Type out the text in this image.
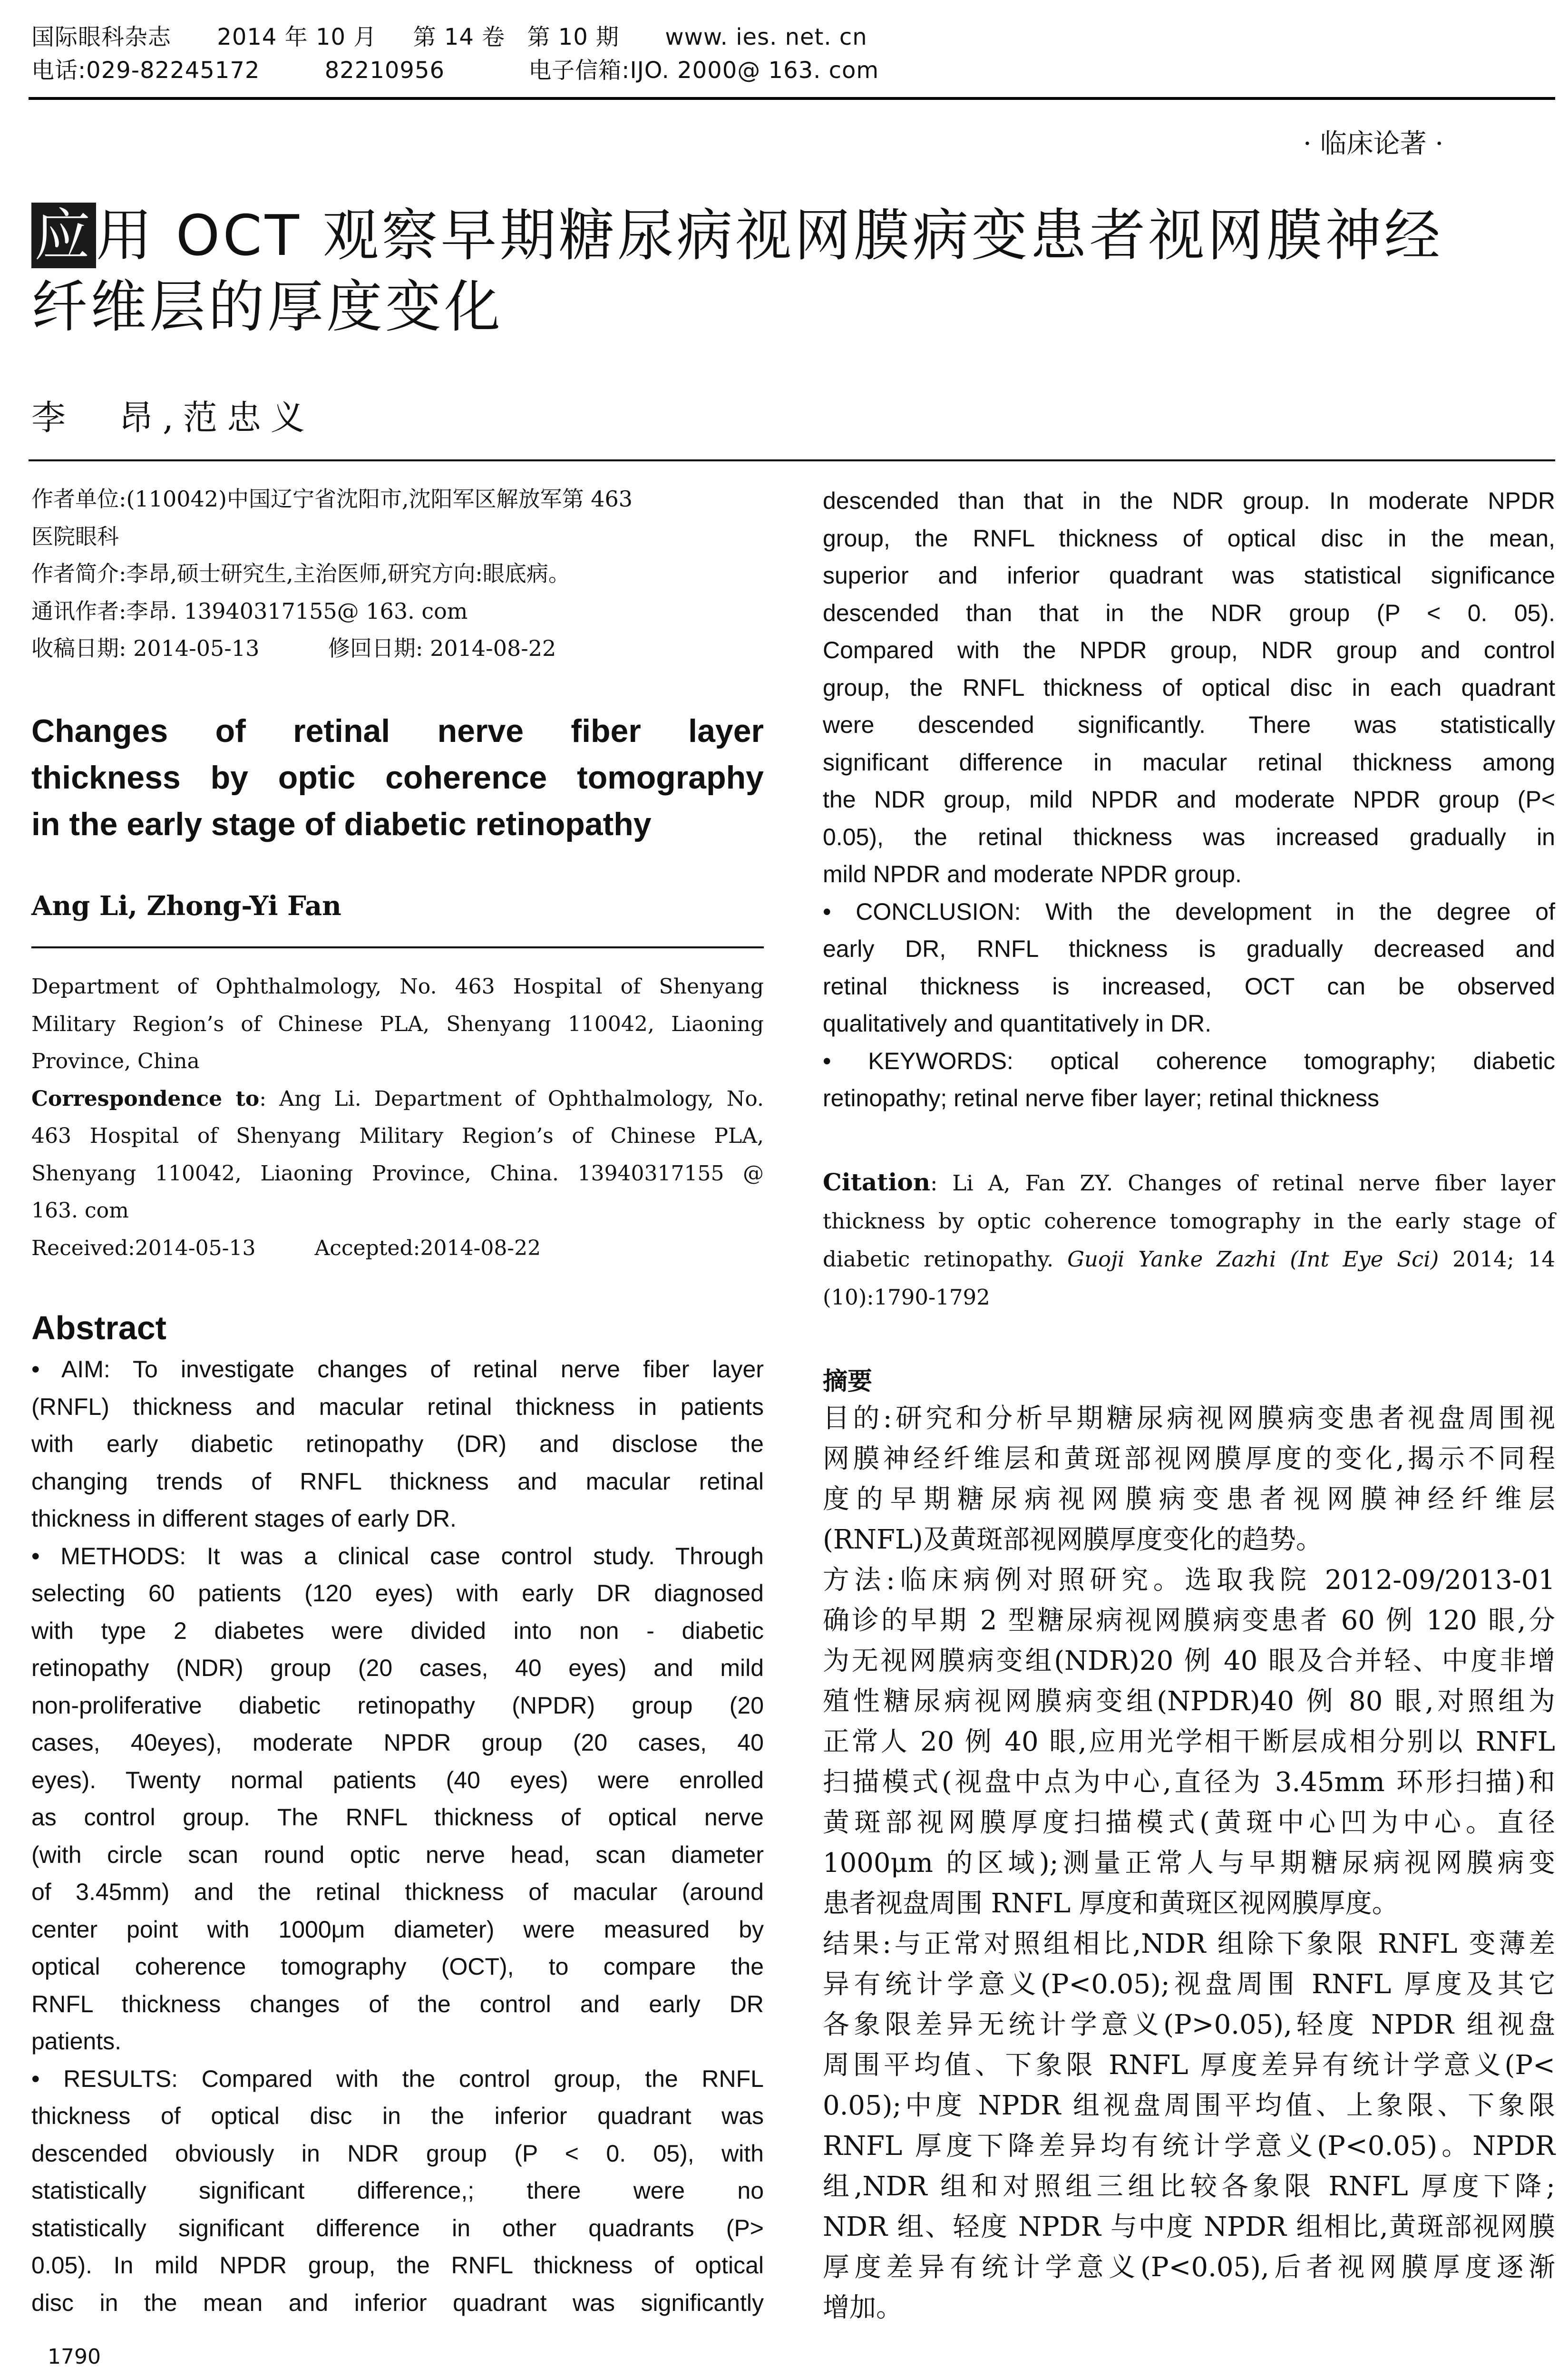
国际眼科杂志 2014 年 10 月 第 14 卷 第 10 期 www. ies. net. cn
电话:029-82245172	82210956	电子信箱:IJO. 2000@ 163. com
· 临床论著 ·
应用 OCT 观察早期糖尿病视网膜病变患者视网膜神经
纤维层的厚度变化
李　昂,范忠义
作者单位:(110042)中国辽宁省沈阳市,沈阳军区解放军第 463
医院眼科
作者简介:李昂,硕士研究生,主治医师,研究方向:眼底病。
通讯作者:李昂. 13940317155@ 163. com
收稿日期: 2014-05-13	修回日期: 2014-08-22
Changes of retinal nerve fiber layer
thickness by optic coherence tomography
in the early stage of diabetic retinopathy
Ang Li, Zhong-Yi Fan
Department of Ophthalmology, No. 463 Hospital of Shenyang
Military Region’s of Chinese PLA, Shenyang 110042, Liaoning
Province, China
Correspondence to: Ang Li. Department of Ophthalmology, No.
463 Hospital of Shenyang Military Region’s of Chinese PLA,
Shenyang 110042, Liaoning Province, China. 13940317155 @
163. com
Received:2014-05-13	Accepted:2014-08-22
Abstract
• AIM: To investigate changes of retinal nerve fiber layer
(RNFL) thickness and macular retinal thickness in patients
with early diabetic retinopathy (DR) and disclose the
changing trends of RNFL thickness and macular retinal
thickness in different stages of early DR.
• METHODS: It was a clinical case control study. Through
selecting 60 patients (120 eyes) with early DR diagnosed
with type 2 diabetes were divided into non - diabetic
retinopathy (NDR) group (20 cases, 40 eyes) and mild
non-proliferative diabetic retinopathy (NPDR) group (20
cases, 40eyes), moderate NPDR group (20 cases, 40
eyes). Twenty normal patients (40 eyes) were enrolled
as control group. The RNFL thickness of optical nerve
(with circle scan round optic nerve head, scan diameter
of 3.45mm) and the retinal thickness of macular (around
center point with 1000μm diameter) were measured by
optical coherence tomography (OCT), to compare the
RNFL thickness changes of the control and early DR
patients.
• RESULTS: Compared with the control group, the RNFL
thickness of optical disc in the inferior quadrant was
descended obviously in NDR group (P < 0. 05), with
statistically significant difference,; there were no
statistically significant difference in other quadrants (P>
0.05). In mild NPDR group, the RNFL thickness of optical
disc in the mean and inferior quadrant was significantly
1790
descended than that in the NDR group. In moderate NPDR
group, the RNFL thickness of optical disc in the mean,
superior and inferior quadrant was statistical significance
descended than that in the NDR group (P < 0. 05).
Compared with the NPDR group, NDR group and control
group, the RNFL thickness of optical disc in each quadrant
were descended significantly. There was statistically
significant difference in macular retinal thickness among
the NDR group, mild NPDR and moderate NPDR group (P<
0.05), the retinal thickness was increased gradually in
mild NPDR and moderate NPDR group.
• CONCLUSION: With the development in the degree of
early DR, RNFL thickness is gradually decreased and
retinal thickness is increased, OCT can be observed
qualitatively and quantitatively in DR.
• KEYWORDS: optical coherence tomography; diabetic
retinopathy; retinal nerve fiber layer; retinal thickness
Citation: Li A, Fan ZY. Changes of retinal nerve fiber layer
thickness by optic coherence tomography in the early stage of
diabetic retinopathy. Guoji Yanke Zazhi (Int Eye Sci) 2014; 14
(10):1790-1792
摘要
目的:研究和分析早期糖尿病视网膜病变患者视盘周围视
网膜神经纤维层和黄斑部视网膜厚度的变化,揭示不同程
度的早期糖尿病视网膜病变患者视网膜神经纤维层
(RNFL)及黄斑部视网膜厚度变化的趋势。
方法:临床病例对照研究。选取我院 2012-09/2013-01
确诊的早期 2 型糖尿病视网膜病变患者 60 例 120 眼,分
为无视网膜病变组(NDR)20 例 40 眼及合并轻、中度非增
殖性糖尿病视网膜病变组(NPDR)40 例 80 眼,对照组为
正常人 20 例 40 眼,应用光学相干断层成相分别以 RNFL
扫描模式(视盘中点为中心,直径为 3.45mm 环形扫描)和
黄斑部视网膜厚度扫描模式(黄斑中心凹为中心。直径
1000μm 的区域);测量正常人与早期糖尿病视网膜病变
患者视盘周围 RNFL 厚度和黄斑区视网膜厚度。
结果:与正常对照组相比,NDR 组除下象限 RNFL 变薄差
异有统计学意义(P<0.05);视盘周围 RNFL 厚度及其它
各象限差异无统计学意义(P>0.05),轻度 NPDR 组视盘
周围平均值、下象限 RNFL 厚度差异有统计学意义(P<
0.05);中度 NPDR 组视盘周围平均值、上象限、下象限
RNFL 厚度下降差异均有统计学意义(P<0.05)。NPDR
组,NDR 组和对照组三组比较各象限 RNFL 厚度下降;
NDR 组、轻度 NPDR 与中度 NPDR 组相比,黄斑部视网膜
厚度差异有统计学意义(P<0.05),后者视网膜厚度逐渐
增加。
